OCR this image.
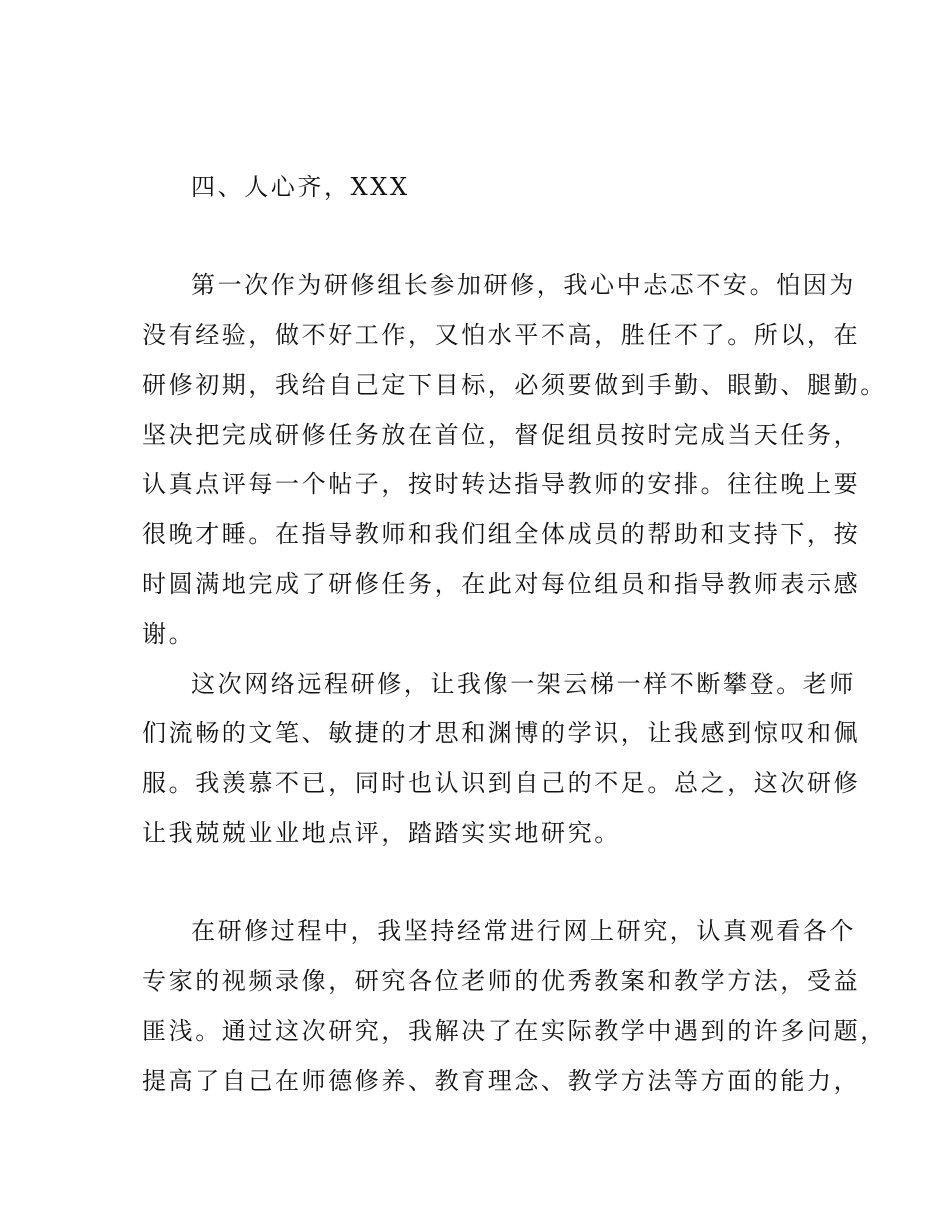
四、人心齐，XXX
第一次作为研修组长参加研修，我心中忐忑不安。怕因为
没有经验，做不好工作，又怕水平不高，胜任不了。所以，在
研修初期，我给自己定下目标，必须要做到手勤、眼勤、腿勤。
坚决把完成研修任务放在首位，督促组员按时完成当天任务，
认真点评每一个帖子，按时转达指导教师的安排。往往晚上要
很晚才睡。在指导教师和我们组全体成员的帮助和支持下，按
时圆满地完成了研修任务，在此对每位组员和指导教师表示感
谢。
这次网络远程研修，让我像一架云梯一样不断攀登。老师
们流畅的文笔、敏捷的才思和渊博的学识，让我感到惊叹和佩
服。我羡慕不已，同时也认识到自己的不足。总之，这次研修
让我兢兢业业地点评，踏踏实实地研究。
在研修过程中，我坚持经常进行网上研究，认真观看各个
专家的视频录像，研究各位老师的优秀教案和教学方法，受益
匪浅。通过这次研究，我解决了在实际教学中遇到的许多问题，
提高了自己在师德修养、教育理念、教学方法等方面的能力，
